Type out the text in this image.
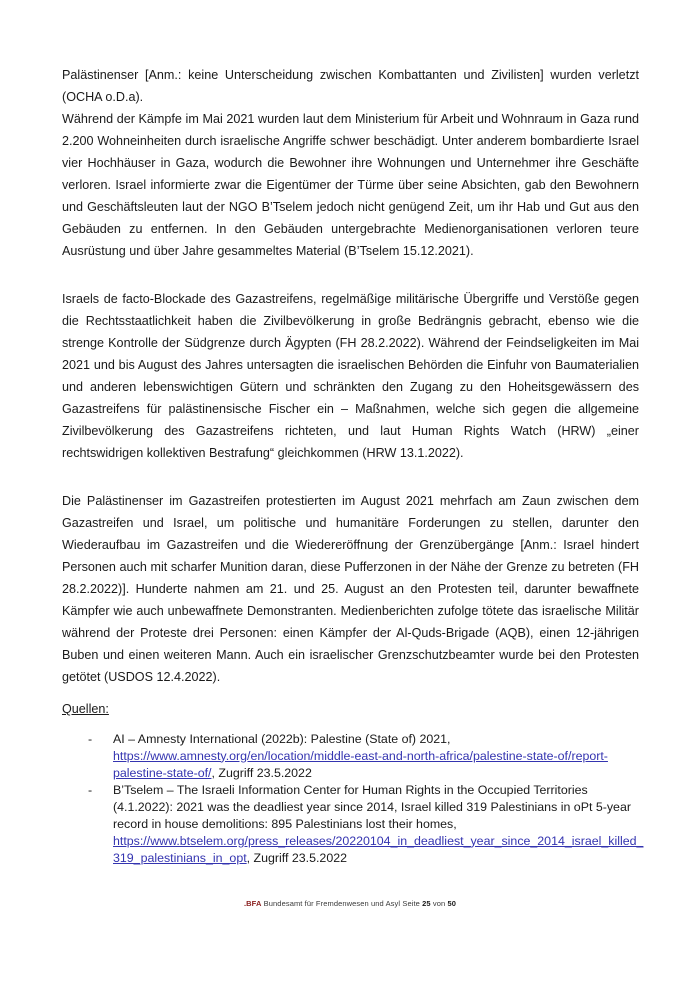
Palästinenser [Anm.: keine Unterscheidung zwischen Kombattanten und Zivilisten] wurden verletzt (OCHA o.D.a).

Während der Kämpfe im Mai 2021 wurden laut dem Ministerium für Arbeit und Wohnraum in Gaza rund 2.200 Wohneinheiten durch israelische Angriffe schwer beschädigt. Unter anderem bombardierte Israel vier Hochhäuser in Gaza, wodurch die Bewohner ihre Wohnungen und Unternehmer ihre Geschäfte verloren. Israel informierte zwar die Eigentümer der Türme über seine Absichten, gab den Bewohnern und Geschäftsleuten laut der NGO B’Tselem jedoch nicht genügend Zeit, um ihr Hab und Gut aus den Gebäuden zu entfernen. In den Gebäuden untergebrachte Medienorganisationen verloren teure Ausrüstung und über Jahre gesammeltes Material (B’Tselem 15.12.2021).

Israels de facto-Blockade des Gazastreifens, regelmäßige militärische Übergriffe und Verstöße gegen die Rechtsstaatlichkeit haben die Zivilbevölkerung in große Bedrängnis gebracht, ebenso wie die strenge Kontrolle der Südgrenze durch Ägypten (FH 28.2.2022). Während der Feindseligkeiten im Mai 2021 und bis August des Jahres untersagten die israelischen Behörden die Einfuhr von Baumaterialien und anderen lebenswichtigen Gütern und schränkten den Zugang zu den Hoheitsgewässern des Gazastreifens für palästinensische Fischer ein – Maßnahmen, welche sich gegen die allgemeine Zivilbevölkerung des Gazastreifens richteten, und laut Human Rights Watch (HRW) „einer rechtswidrigen kollektiven Bestrafung“ gleichkommen (HRW 13.1.2022).

Die Palästinenser im Gazastreifen protestierten im August 2021 mehrfach am Zaun zwischen dem Gazastreifen und Israel, um politische und humanitäre Forderungen zu stellen, darunter den Wiederaufbau im Gazastreifen und die Wiedereröffnung der Grenzübergänge [Anm.: Israel hindert Personen auch mit scharfer Munition daran, diese Pufferzonen in der Nähe der Grenze zu betreten (FH 28.2.2022)]. Hunderte nahmen am 21. und 25. August an den Protesten teil, darunter bewaffnete Kämpfer wie auch unbewaffnete Demonstranten. Medienberichten zufolge tötete das israelische Militär während der Proteste drei Personen: einen Kämpfer der Al-Quds-Brigade (AQB), einen 12-jährigen Buben und einen weiteren Mann. Auch ein israelischer Grenzschutzbeamter wurde bei den Protesten getötet (USDOS 12.4.2022).

Quellen:

-	AI – Amnesty International (2022b): Palestine (State of) 2021, https://www.amnesty.org/en/location/middle-east-and-north-africa/palestine-state-of/report-palestine-state-of/, Zugriff 23.5.2022
-	B’Tselem – The Israeli Information Center for Human Rights in the Occupied Territories (4.1.2022): 2021 was the deadliest year since 2014, Israel killed 319 Palestinians in oPt 5-year record in house demolitions: 895 Palestinians lost their homes, https://www.btselem.org/press_releases/20220104_in_deadliest_year_since_2014_israel_killed_319_palestinians_in_opt, Zugriff 23.5.2022
.BFA Bundesamt für Fremdenwesen und Asyl Seite 25 von 50
